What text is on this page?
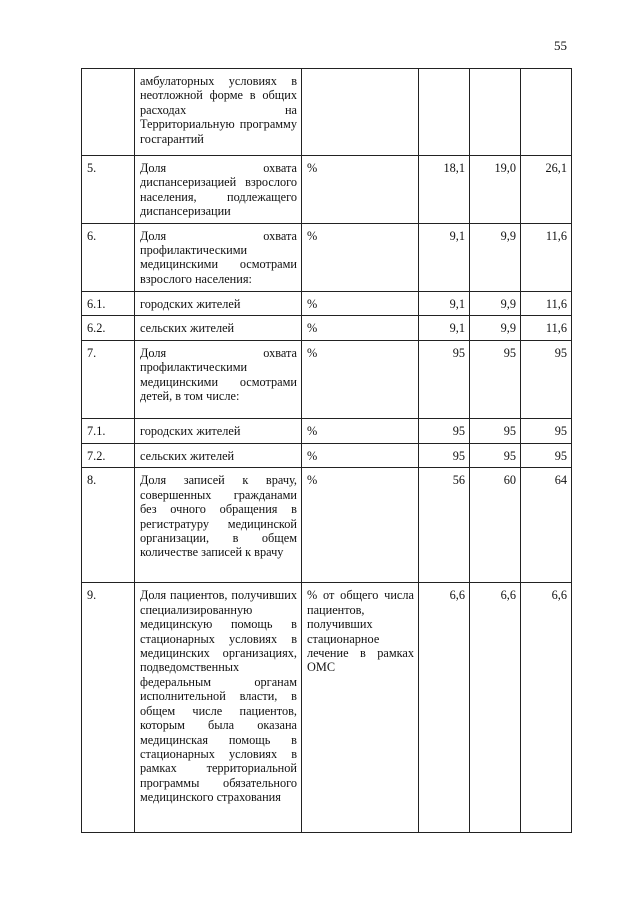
55
	амбулаторных условиях в неотложной форме в общих расходах на Территориальную программу госгарантий				
5.	Доля охвата диспансеризацией взрослого населения, подлежащего диспансеризации	%	18,1	19,0	26,1
6.	Доля охвата профилактическими медицинскими осмотрами взрослого населения:	%	9,1	9,9	11,6
6.1.	городских жителей	%	9,1	9,9	11,6
6.2.	сельских жителей	%	9,1	9,9	11,6
7.	Доля охвата профилактическими медицинскими осмотрами детей, в том числе:	%	95	95	95
7.1.	городских жителей	%	95	95	95
7.2.	сельских жителей	%	95	95	95
8.	Доля записей к врачу, совершенных гражданами без очного обращения в регистратуру медицинской организации, в общем количестве записей к врачу	%	56	60	64
9.	Доля пациентов, получивших специализированную медицинскую помощь в стационарных условиях в медицинских организациях, подведомственных федеральным органам исполнительной власти, в общем числе пациентов, которым была оказана медицинская помощь в стационарных условиях в рамках территориальной программы обязательного медицинского страхования	% от общего числа пациентов, получивших стационарное лечение в рамках ОМС	6,6	6,6	6,6
